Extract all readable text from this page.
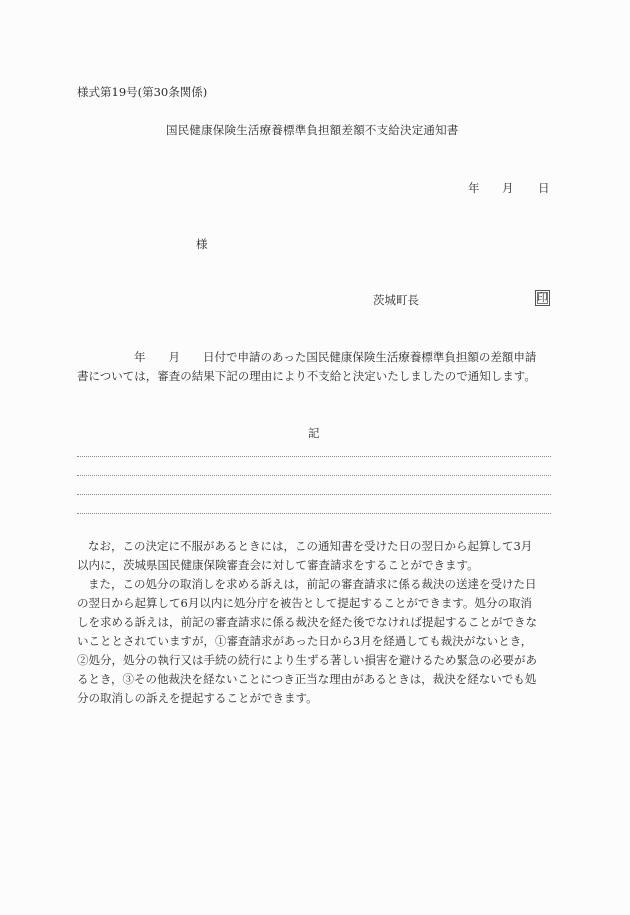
様式第19号(第30条関係)
国民健康保険生活療養標準負担額差額不支給決定通知書
年 月 日
様
茨城町長	印
年　　月　　日付で申請のあった国民健康保険生活療養標準負担額の差額申請
書については，審査の結果下記の理由により不支給と決定いたしましたので通知します。
記
なお，この決定に不服があるときには，この通知書を受けた日の翌日から起算して3月
以内に，茨城県国民健康保険審査会に対して審査請求をすることができます。
また，この処分の取消しを求める訴えは，前記の審査請求に係る裁決の送達を受けた日
の翌日から起算して6月以内に処分庁を被告として提起することができます。処分の取消
しを求める訴えは，前記の審査請求に係る裁決を経た後でなければ提起することができな
いこととされていますが，①審査請求があった日から3月を経過しても裁決がないとき，
②処分，処分の執行又は手続の続行により生ずる著しい損害を避けるため緊急の必要があ
るとき，③その他裁決を経ないことにつき正当な理由があるときは，裁決を経ないでも処
分の取消しの訴えを提起することができます。
